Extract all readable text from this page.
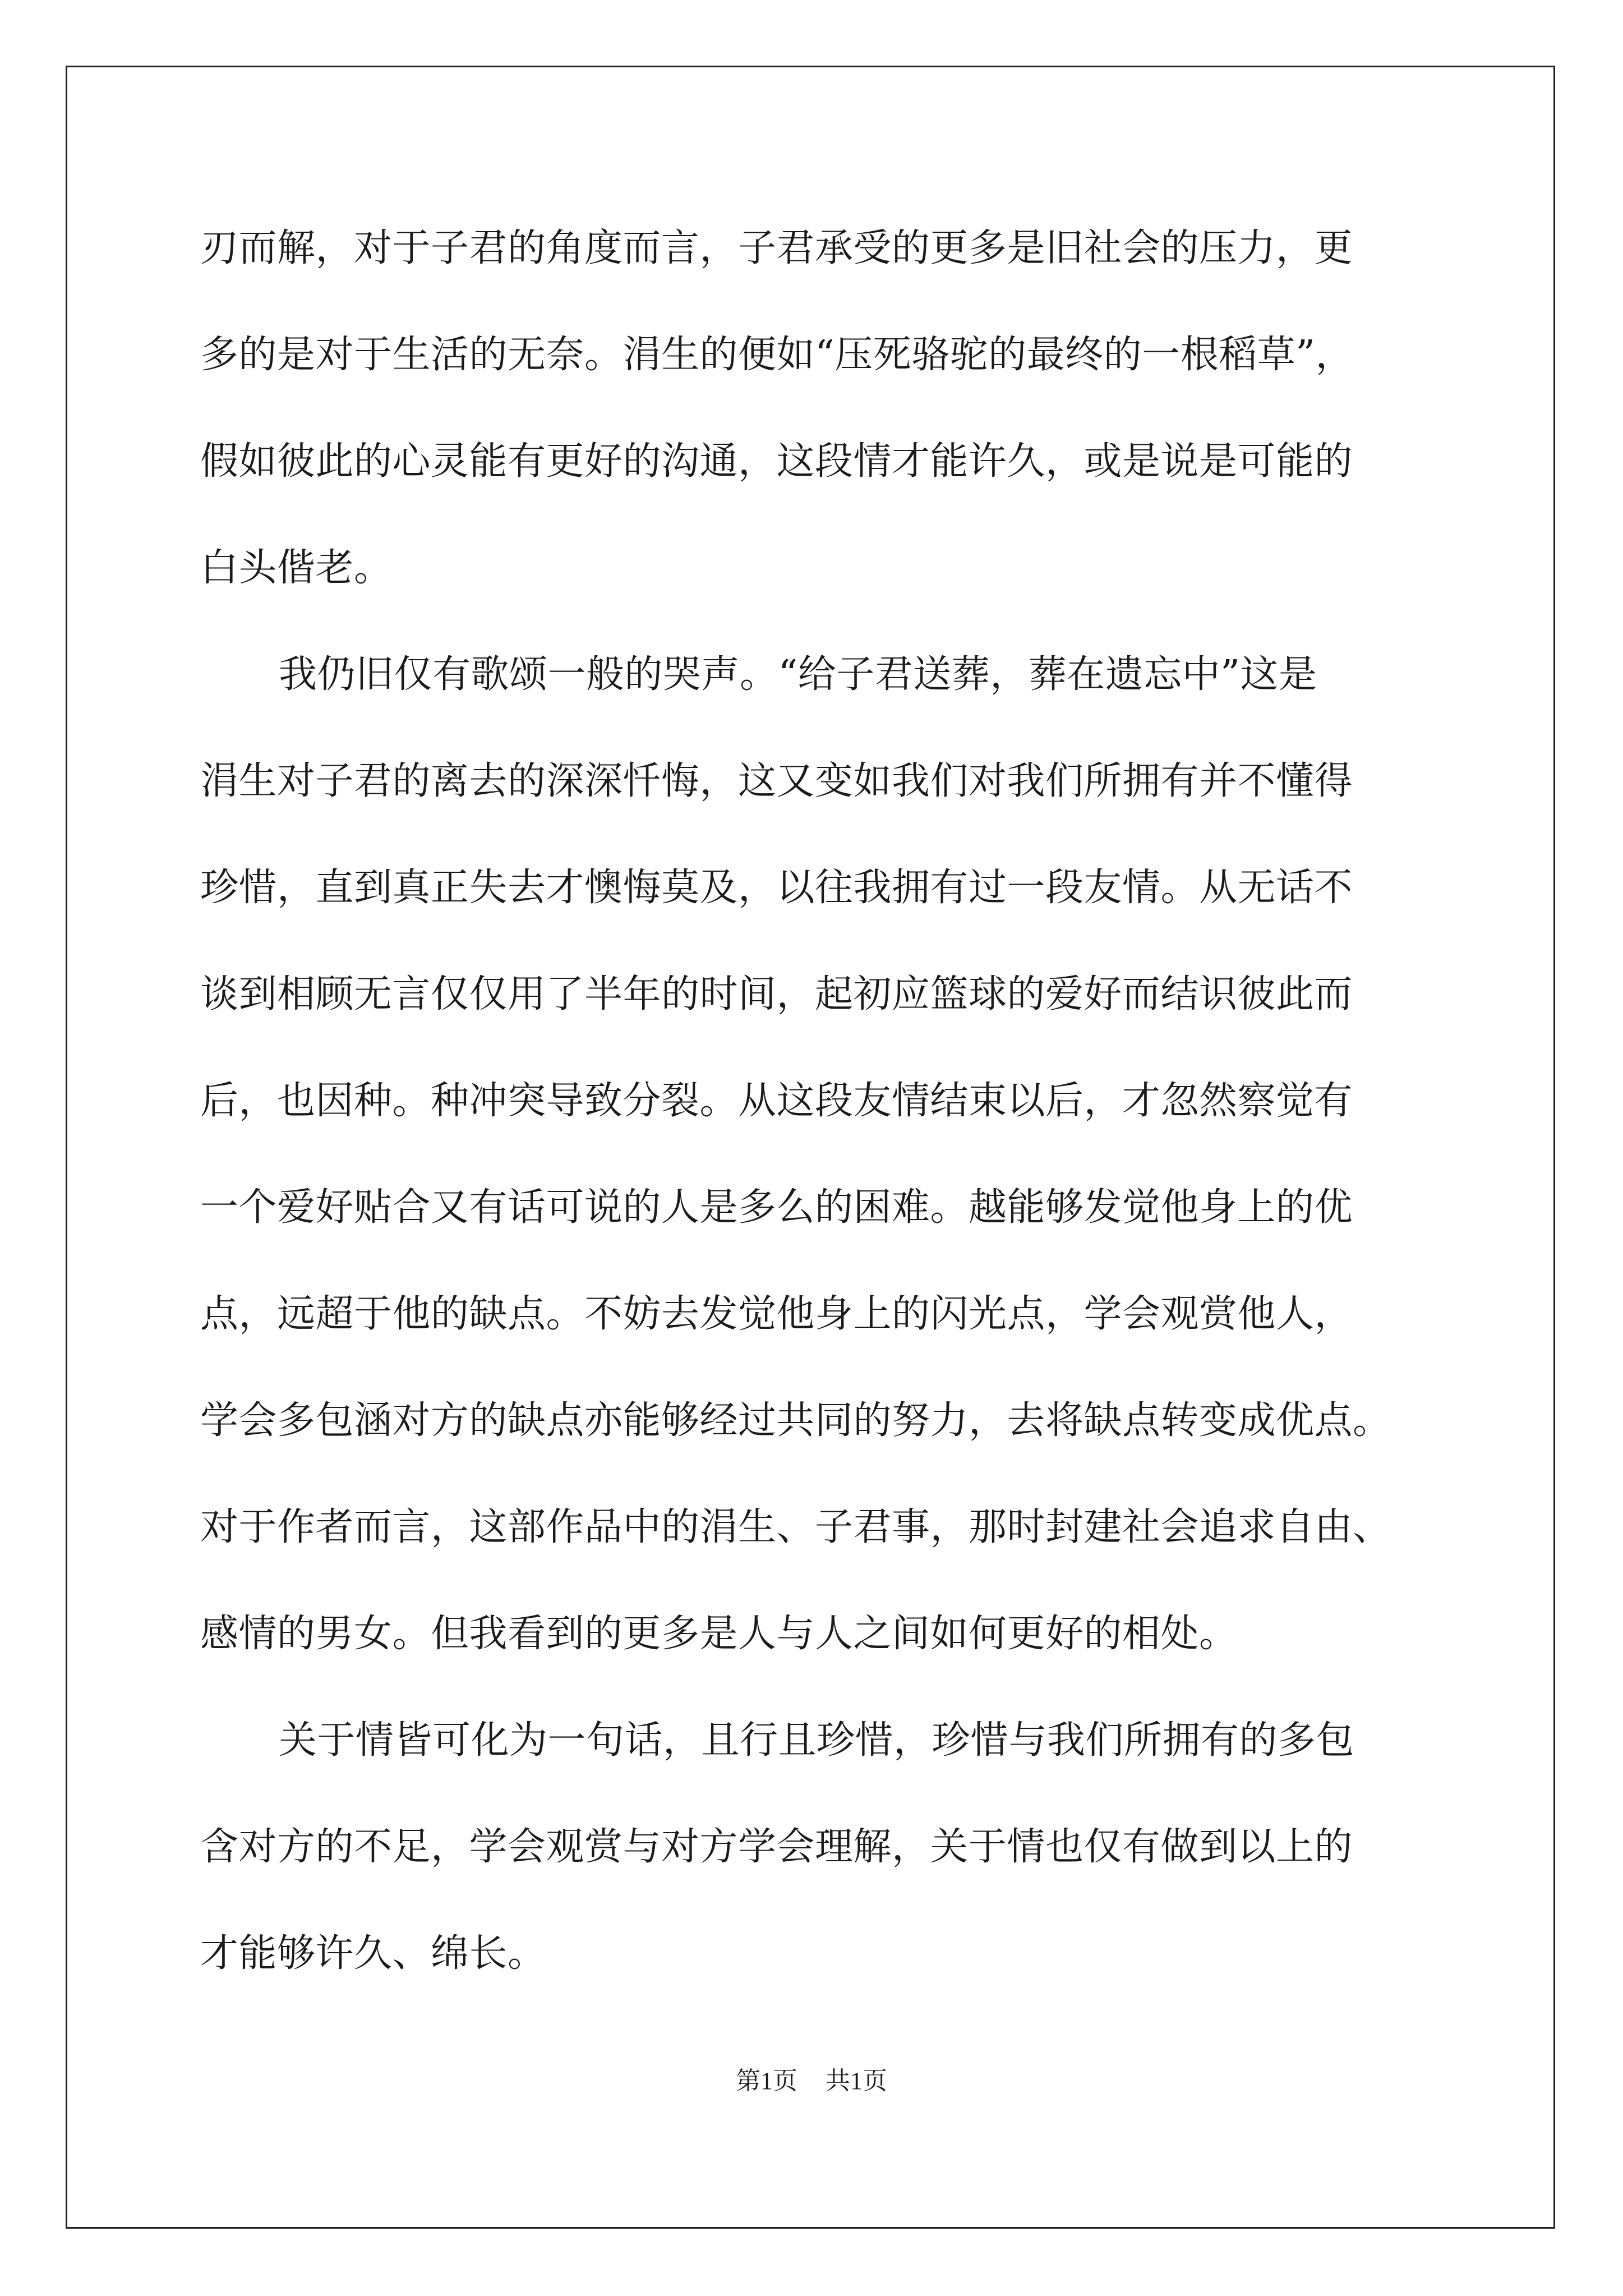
刃而解，对于子君的角度而言，子君承受的更多是旧社会的压力，更
多的是对于生活的无奈。涓生的便如“压死骆驼的最终的一根稻草”，
假如彼此的心灵能有更好的沟通，这段情才能许久，或是说是可能的
白头偕老。
我仍旧仅有歌颂一般的哭声。“给子君送葬，葬在遗忘中”这是
涓生对子君的离去的深深忏悔，这又变如我们对我们所拥有并不懂得
珍惜，直到真正失去才懊悔莫及，以往我拥有过一段友情。从无话不
谈到相顾无言仅仅用了半年的时间，起初应篮球的爱好而结识彼此而
后，也因种。种冲突导致分裂。从这段友情结束以后，才忽然察觉有
一个爱好贴合又有话可说的人是多么的困难。越能够发觉他身上的优
点，远超于他的缺点。不妨去发觉他身上的闪光点，学会观赏他人，
学会多包涵对方的缺点亦能够经过共同的努力，去将缺点转变成优点。
对于作者而言，这部作品中的涓生、子君事，那时封建社会追求自由、
感情的男女。但我看到的更多是人与人之间如何更好的相处。
关于情皆可化为一句话，且行且珍惜，珍惜与我们所拥有的多包
含对方的不足，学会观赏与对方学会理解，关于情也仅有做到以上的
才能够许久、绵长。
第1页 共1页
